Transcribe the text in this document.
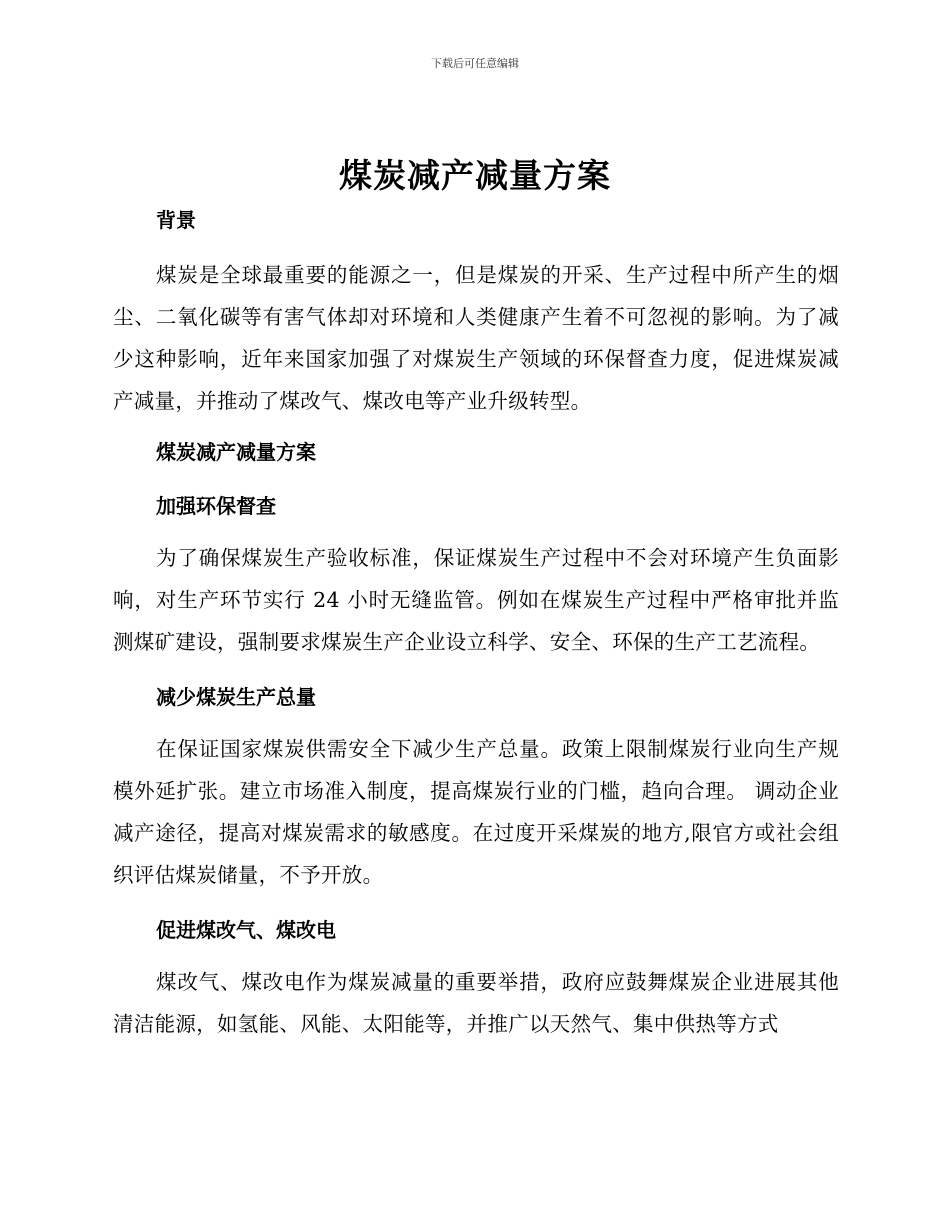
下载后可任意编辑
煤炭减产减量方案
背景

煤炭是全球最重要的能源之一，但是煤炭的开采、生产过程中所产生的烟尘、二氧化碳等有害气体却对环境和人类健康产生着不可忽视的影响。为了减少这种影响，近年来国家加强了对煤炭生产领域的环保督查力度，促进煤炭减产减量，并推动了煤改气、煤改电等产业升级转型。

煤炭减产减量方案
加强环保督查

为了确保煤炭生产验收标准，保证煤炭生产过程中不会对环境产生负面影响，对生产环节实行 24 小时无缝监管。例如在煤炭生产过程中严格审批并监测煤矿建设，强制要求煤炭生产企业设立科学、安全、环保的生产工艺流程。

减少煤炭生产总量

在保证国家煤炭供需安全下减少生产总量。政策上限制煤炭行业向生产规模外延扩张。建立市场准入制度，提高煤炭行业的门槛，趋向合理。 调动企业减产途径，提高对煤炭需求的敏感度。在过度开采煤炭的地方,限官方或社会组织评估煤炭储量，不予开放。

促进煤改气、煤改电

煤改气、煤改电作为煤炭减量的重要举措，政府应鼓舞煤炭企业进展其他清洁能源，如氢能、风能、太阳能等，并推广以天然气、集中供热等方式
